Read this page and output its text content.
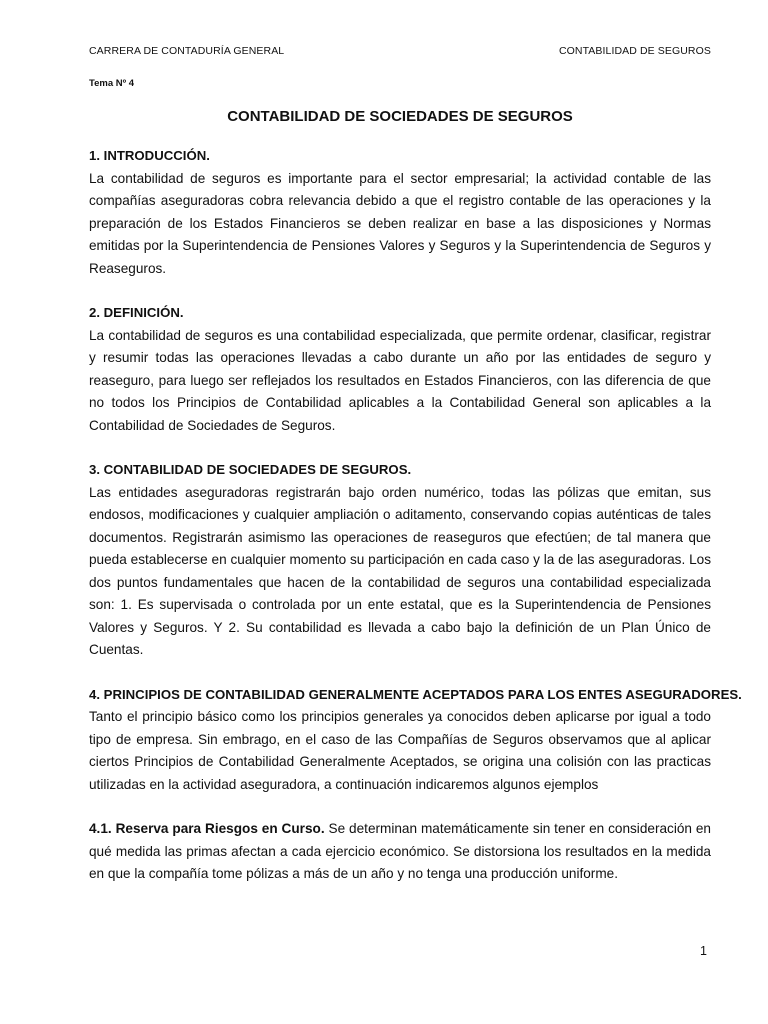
CARRERA DE CONTADURÍA GENERAL	CONTABILIDAD DE SEGUROS
Tema Nº 4
CONTABILIDAD DE SOCIEDADES DE SEGUROS
1. INTRODUCCIÓN.

La contabilidad de seguros es importante para el sector empresarial; la actividad contable de las compañías aseguradoras cobra relevancia debido a que el registro contable de las operaciones y la preparación de los Estados Financieros se deben realizar en base a las disposiciones y Normas emitidas por la Superintendencia de Pensiones Valores y Seguros y la Superintendencia de Seguros y Reaseguros.

2. DEFINICIÓN.

La contabilidad de seguros es una contabilidad especializada, que permite ordenar, clasificar, registrar y resumir todas las operaciones llevadas a cabo durante un año por las entidades de seguro y reaseguro, para luego ser reflejados los resultados en Estados Financieros, con las diferencia de que no todos los Principios de Contabilidad aplicables a la Contabilidad General son aplicables a la Contabilidad de Sociedades de Seguros.

3. CONTABILIDAD DE SOCIEDADES DE SEGUROS.

Las entidades aseguradoras registrarán bajo orden numérico, todas las pólizas que emitan, sus endosos, modificaciones y cualquier ampliación o aditamento, conservando copias auténticas de tales documentos. Registrarán asimismo las operaciones de reaseguros que efectúen; de tal manera que pueda establecerse en cualquier momento su participación en cada caso y la de las aseguradoras. Los dos puntos fundamentales que hacen de la contabilidad de seguros una contabilidad especializada son: 1. Es supervisada o controlada por un ente estatal, que es la Superintendencia de Pensiones Valores y Seguros. Y 2. Su contabilidad es llevada a cabo bajo la definición de un Plan Único de Cuentas.

4. PRINCIPIOS DE CONTABILIDAD GENERALMENTE ACEPTADOS PARA LOS ENTES ASEGURADORES.

Tanto el principio básico como los principios generales ya conocidos deben aplicarse por igual a todo tipo de empresa. Sin embrago, en el caso de las Compañías de Seguros observamos que al aplicar ciertos Principios de Contabilidad Generalmente Aceptados, se origina una colisión con las practicas utilizadas en la actividad aseguradora, a continuación indicaremos algunos ejemplos

4.1. Reserva para Riesgos en Curso. Se determinan matemáticamente sin tener en consideración en qué medida las primas afectan a cada ejercicio económico. Se distorsiona los resultados en la medida en que la compañía tome pólizas a más de un año y no tenga una producción uniforme.

1
